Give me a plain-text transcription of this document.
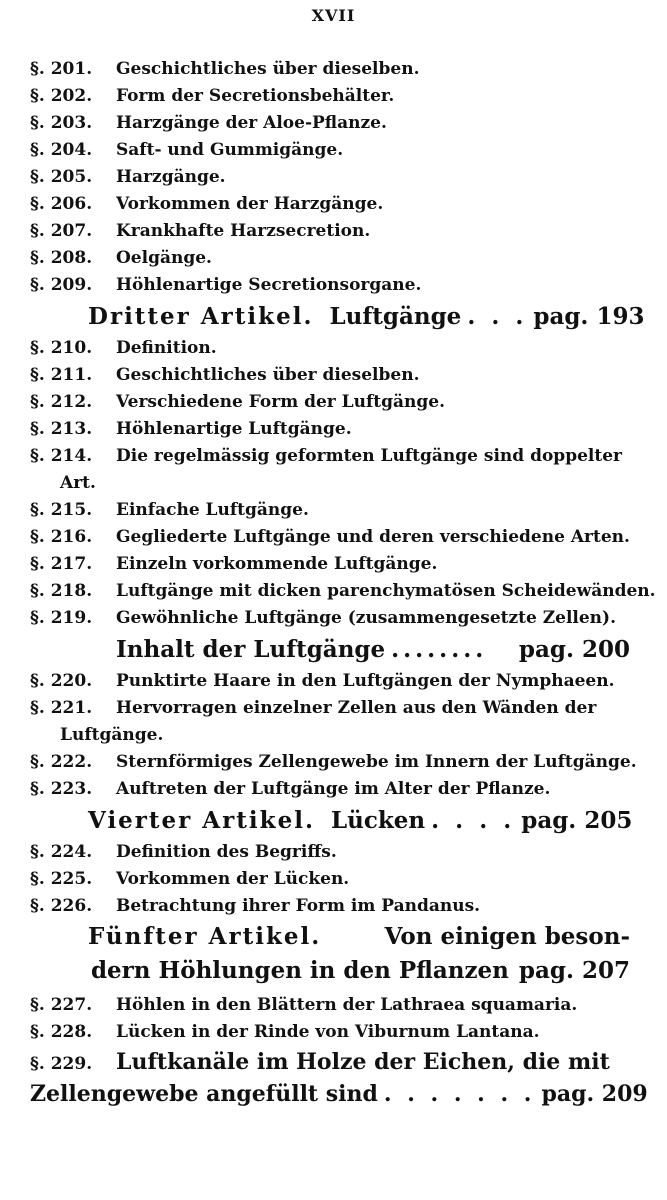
XVII
§. 201.	Geschichtliches über dieselben.
§. 202.	Form der Secretionsbehälter.
§. 203.	Harzgänge der Aloe-Pflanze.
§. 204.	Saft- und Gummigänge.
§. 205.	Harzgänge.
§. 206.	Vorkommen der Harzgänge.
§. 207.	Krankhafte Harzsecretion.
§. 208.	Oelgänge.
§. 209.	Höhlenartige Secretionsorgane.
Dritter Artikel. Luftgänge . . . pag. 193
§. 210.	Definition.
§. 211.	Geschichtliches über dieselben.
§. 212.	Verschiedene Form der Luftgänge.
§. 213.	Höhlenartige Luftgänge.
§. 214.	Die regelmässig geformten Luftgänge sind doppelter
Art.
§. 215.	Einfache Luftgänge.
§. 216.	Gegliederte Luftgänge und deren verschiedene Arten.
§. 217.	Einzeln vorkommende Luftgänge.
§. 218.	Luftgänge mit dicken parenchymatösen Scheidewänden.
§. 219.	Gewöhnliche Luftgänge (zusammengesetzte Zellen).
Inhalt der Luftgänge ........	pag. 200
§. 220.	Punktirte Haare in den Luftgängen der Nymphaeen.
§. 221.	Hervorragen einzelner Zellen aus den Wänden der
Luftgänge.
§. 222.	Sternförmiges Zellengewebe im Innern der Luftgänge.
§. 223.	Auftreten der Luftgänge im Alter der Pflanze.
Vierter Artikel. Lücken . . . . pag. 205
§. 224.	Definition des Begriffs.
§. 225.	Vorkommen der Lücken.
§. 226.	Betrachtung ihrer Form im Pandanus.
Fünfter Artikel.	Von einigen beson-
dern Höhlungen in den Pflanzen pag. 207
§. 227.	Höhlen in den Blättern der Lathraea squamaria.
§. 228.	Lücken in der Rinde von Viburnum Lantana.
§. 229.	Luftkanäle im Holze der Eichen, die mit
Zellengewebe angefüllt sind . . . . . . . pag. 209
